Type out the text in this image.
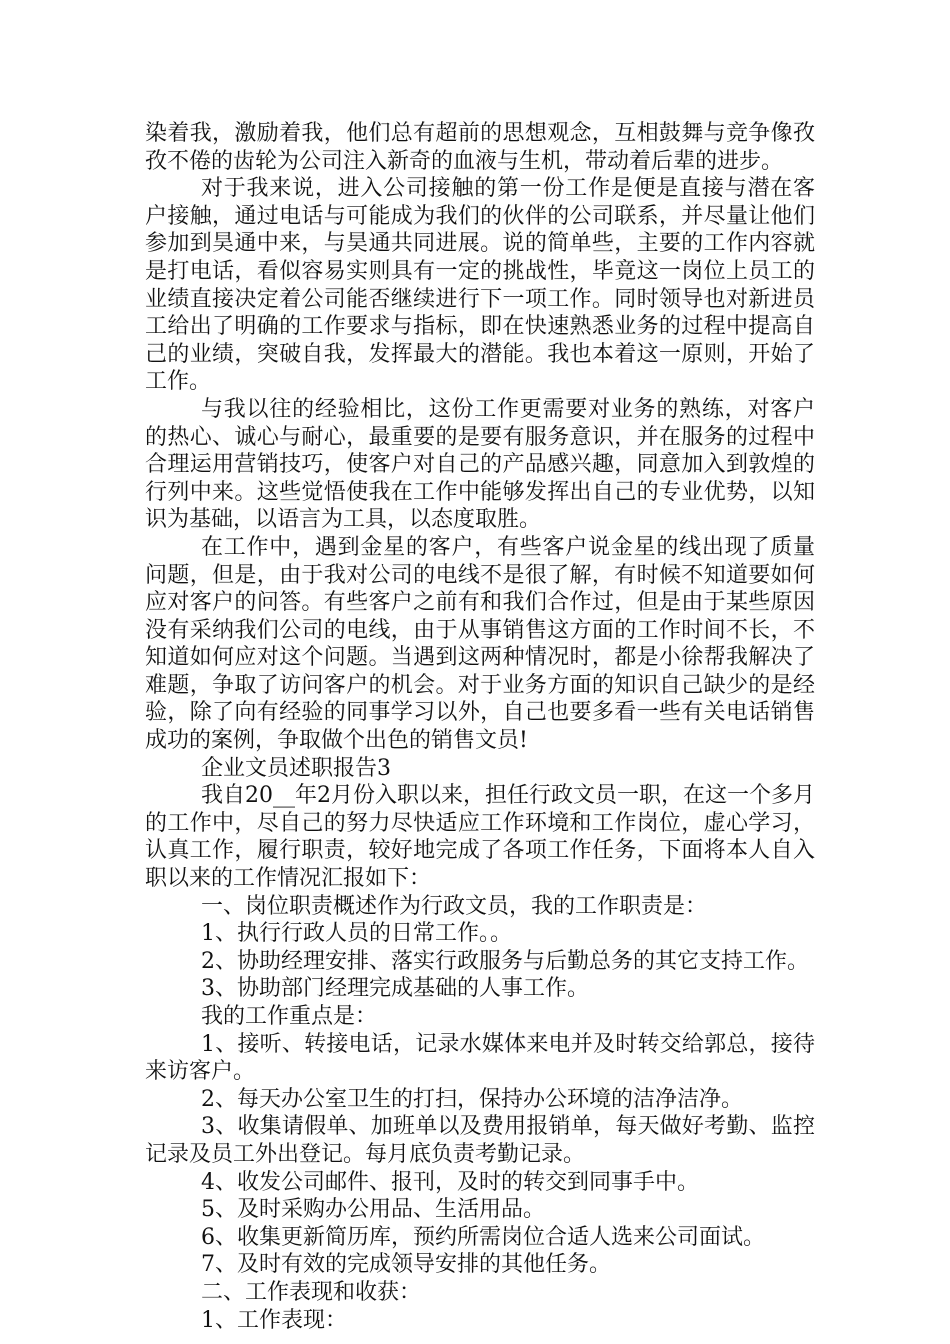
染着我，激励着我，他们总有超前的思想观念，互相鼓舞与竞争像孜孜不倦的齿轮为公司注入新奇的血液与生机，带动着后辈的进步。

对于我来说，进入公司接触的第一份工作是便是直接与潜在客户接触，通过电话与可能成为我们的伙伴的公司联系，并尽量让他们参加到昊通中来，与昊通共同进展。说的简单些，主要的工作内容就是打电话，看似容易实则具有一定的挑战性，毕竟这一岗位上员工的业绩直接决定着公司能否继续进行下一项工作。同时领导也对新进员工给出了明确的工作要求与指标，即在快速熟悉业务的过程中提高自己的业绩，突破自我，发挥最大的潜能。我也本着这一原则，开始了工作。

与我以往的经验相比，这份工作更需要对业务的熟练，对客户的热心、诚心与耐心，最重要的是要有服务意识，并在服务的过程中合理运用营销技巧，使客户对自己的产品感兴趣，同意加入到敦煌的行列中来。这些觉悟使我在工作中能够发挥出自己的专业优势，以知识为基础，以语言为工具，以态度取胜。

在工作中，遇到金星的客户，有些客户说金星的线出现了质量问题，但是，由于我对公司的电线不是很了解，有时候不知道要如何应对客户的问答。有些客户之前有和我们合作过，但是由于某些原因没有采纳我们公司的电线，由于从事销售这方面的工作时间不长，不知道如何应对这个问题。当遇到这两种情况时，都是小徐帮我解决了难题，争取了访问客户的机会。对于业务方面的知识自己缺少的是经验，除了向有经验的同事学习以外，自己也要多看一些有关电话销售成功的案例，争取做个出色的销售文员!

企业文员述职报告3

我自20__年2月份入职以来，担任行政文员一职，在这一个多月的工作中，尽自己的努力尽快适应工作环境和工作岗位，虚心学习，认真工作，履行职责，较好地完成了各项工作任务，下面将本人自入职以来的工作情况汇报如下：

一、岗位职责概述作为行政文员，我的工作职责是：

1、执行行政人员的日常工作。。

2、协助经理安排、落实行政服务与后勤总务的其它支持工作。

3、协助部门经理完成基础的人事工作。

我的工作重点是：

1、接听、转接电话，记录水媒体来电并及时转交给郭总，接待来访客户。

2、每天办公室卫生的打扫，保持办公环境的洁净洁净。

3、收集请假单、加班单以及费用报销单，每天做好考勤、监控记录及员工外出登记。每月底负责考勤记录。

4、收发公司邮件、报刊，及时的转交到同事手中。

5、及时采购办公用品、生活用品。

6、收集更新简历库，预约所需岗位合适人选来公司面试。

7、及时有效的完成领导安排的其他任务。

二、工作表现和收获：

1、工作表现：
